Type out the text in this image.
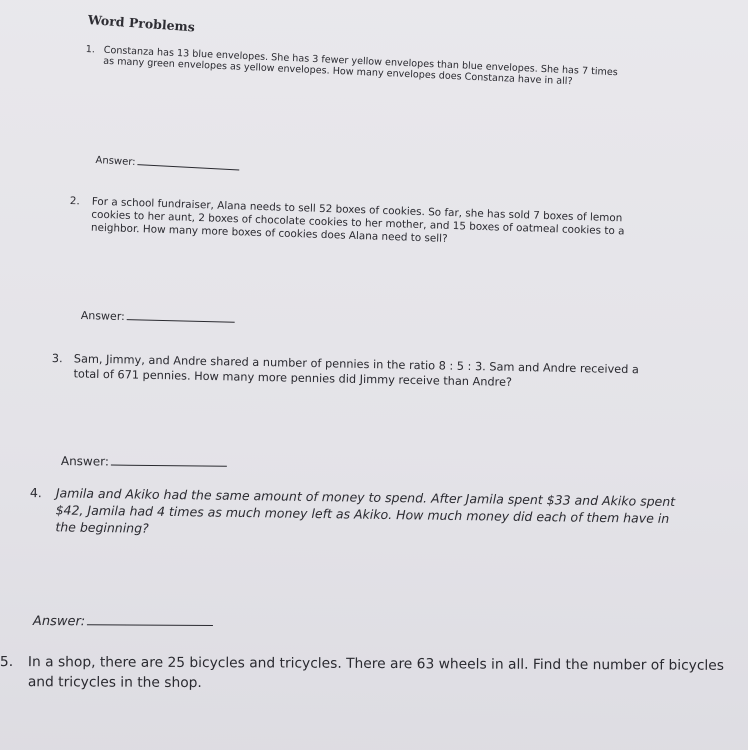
Word Problems
1. Constanza has 13 blue envelopes. She has 3 fewer yellow envelopes than blue envelopes. She has 7 times as many green envelopes as yellow envelopes. How many envelopes does Constanza have in all?
Answer:
2. For a school fundraiser, Alana needs to sell 52 boxes of cookies. So far, she has sold 7 boxes of lemon cookies to her aunt, 2 boxes of chocolate cookies to her mother, and 15 boxes of oatmeal cookies to a neighbor. How many more boxes of cookies does Alana need to sell?
Answer:
3. Sam, Jimmy, and Andre shared a number of pennies in the ratio 8 : 5 : 3. Sam and Andre received a total of 671 pennies. How many more pennies did Jimmy receive than Andre?
Answer:
4. Jamila and Akiko had the same amount of money to spend. After Jamila spent $33 and Akiko spent $42, Jamila had 4 times as much money left as Akiko. How much money did each of them have in the beginning?
Answer:
5. In a shop, there are 25 bicycles and tricycles. There are 63 wheels in all. Find the number of bicycles and tricycles in the shop.
